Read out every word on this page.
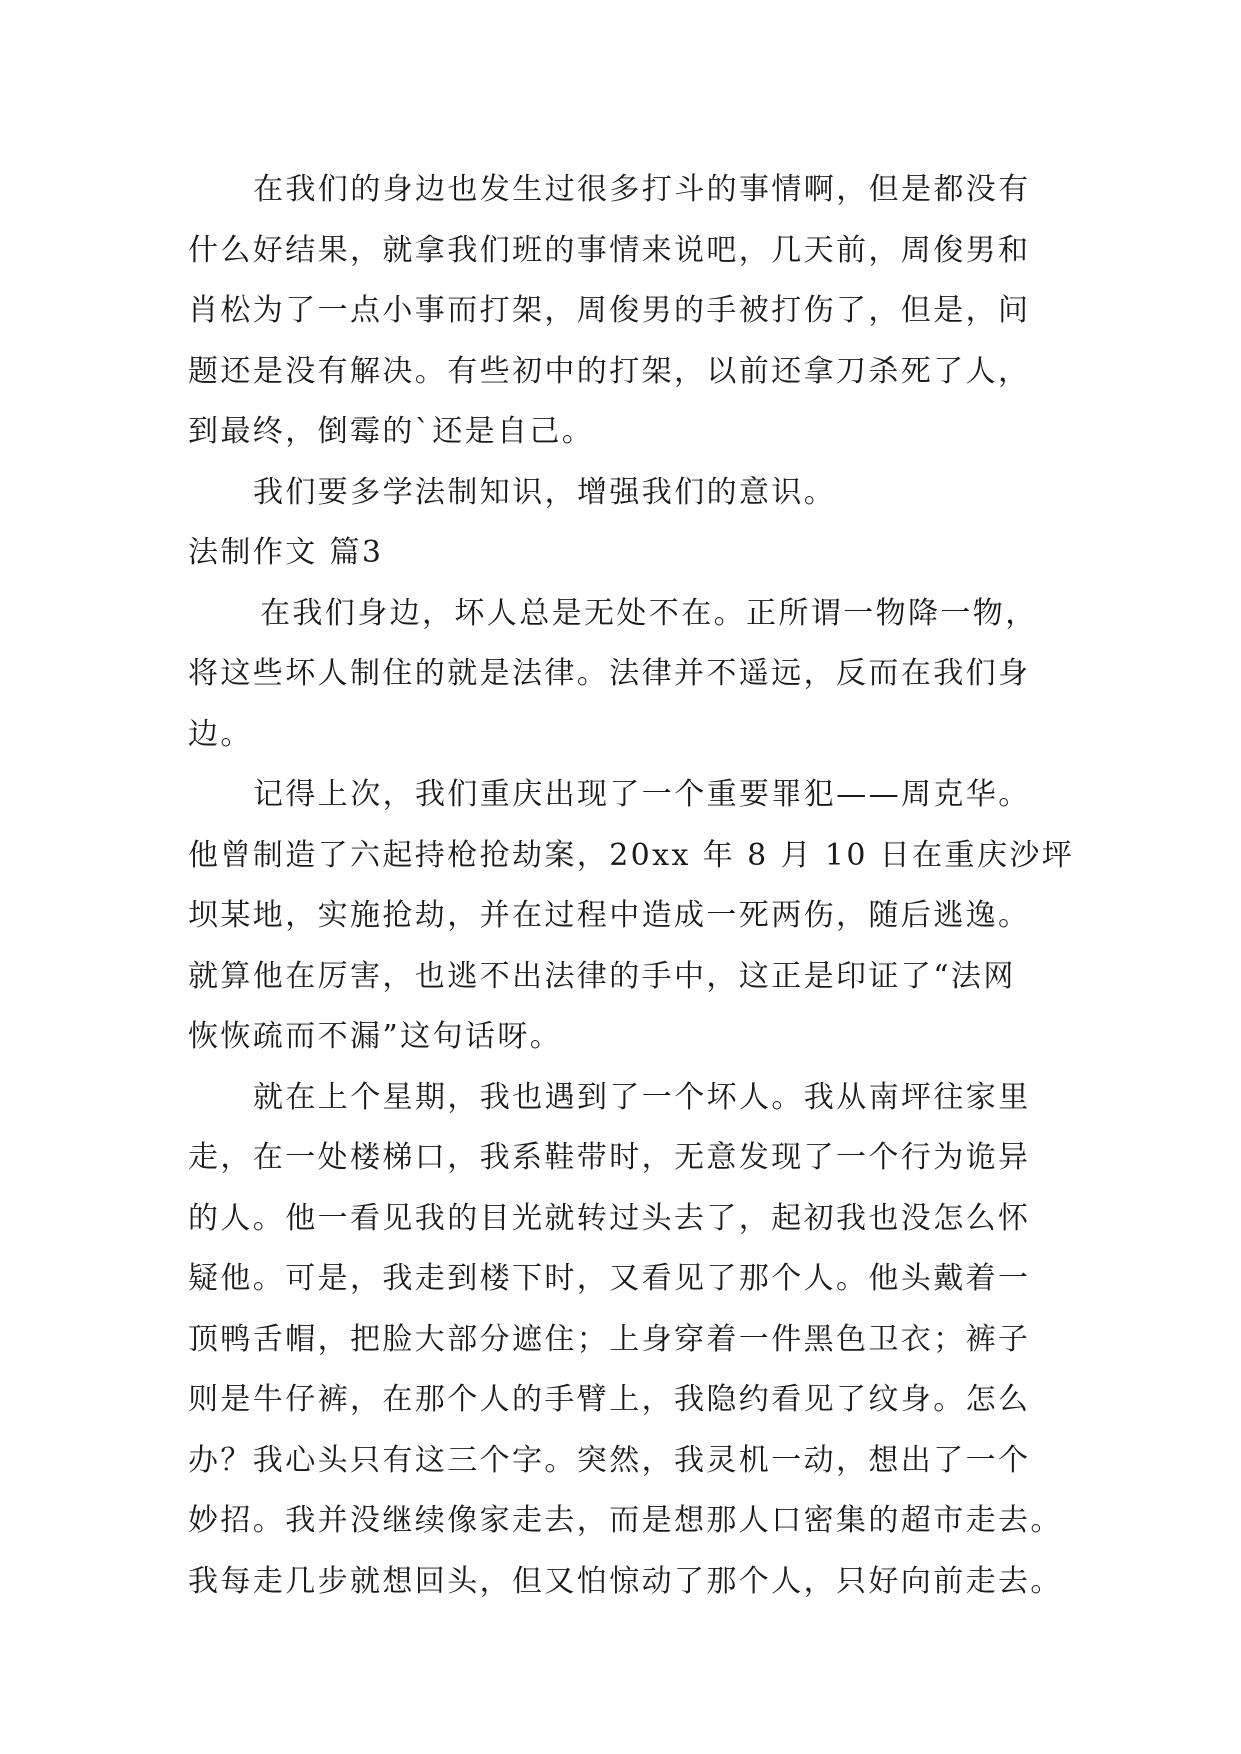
在我们的身边也发生过很多打斗的事情啊，但是都没有
什么好结果，就拿我们班的事情来说吧，几天前，周俊男和
肖松为了一点小事而打架，周俊男的手被打伤了，但是，问
题还是没有解决。有些初中的打架，以前还拿刀杀死了人，
到最终，倒霉的`还是自己。
我们要多学法制知识，增强我们的意识。
法制作文 篇3
在我们身边，坏人总是无处不在。正所谓一物降一物，
将这些坏人制住的就是法律。法律并不遥远，反而在我们身
边。
记得上次，我们重庆出现了一个重要罪犯——周克华。
他曾制造了六起持枪抢劫案，20xx 年 8 月 10 日在重庆沙坪
坝某地，实施抢劫，并在过程中造成一死两伤，随后逃逸。
就算他在厉害，也逃不出法律的手中，这正是印证了“法网
恢恢疏而不漏”这句话呀。
就在上个星期，我也遇到了一个坏人。我从南坪往家里
走，在一处楼梯口，我系鞋带时，无意发现了一个行为诡异
的人。他一看见我的目光就转过头去了，起初我也没怎么怀
疑他。可是，我走到楼下时，又看见了那个人。他头戴着一
顶鸭舌帽，把脸大部分遮住；上身穿着一件黑色卫衣；裤子
则是牛仔裤，在那个人的手臂上，我隐约看见了纹身。怎么
办？我心头只有这三个字。突然，我灵机一动，想出了一个
妙招。我并没继续像家走去，而是想那人口密集的超市走去。
我每走几步就想回头，但又怕惊动了那个人，只好向前走去。
